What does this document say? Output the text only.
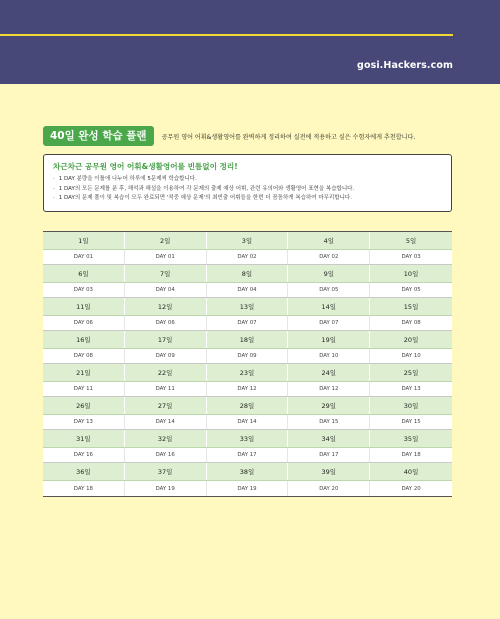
gosi.Hackers.com
40일 완성 학습 플랜	공무원 영어 어휘&생활영어를 완벽하게 정리하여 실전에 적용하고 싶은 수험자에게 추천합니다.
차근차근 공무원 영어 어휘&생활영어를 빈틈없이 정리!
· 1 DAY 분량을 이틀에 나누어 하루에 5문제씩 학습합니다.
· 1 DAY의 모든 문제를 푼 후, 해석과 해설을 이용하여 각 문제의 출제 예상 어휘, 관련 유의어와 생활영어 표현을 복습합니다.
· 1 DAY의 문제 풀이 및 복습이 모두 완료되면 '적중 예상 문제'의 최빈출 어휘들을 한번 더 꼼꼼하게 복습하여 마무리합니다.
1일	2일	3일	4일	5일
DAY 01	DAY 01	DAY 02	DAY 02	DAY 03
6일	7일	8일	9일	10일
DAY 03	DAY 04	DAY 04	DAY 05	DAY 05
11일	12일	13일	14일	15일
DAY 06	DAY 06	DAY 07	DAY 07	DAY 08
16일	17일	18일	19일	20일
DAY 08	DAY 09	DAY 09	DAY 10	DAY 10
21일	22일	23일	24일	25일
DAY 11	DAY 11	DAY 12	DAY 12	DAY 13
26일	27일	28일	29일	30일
DAY 13	DAY 14	DAY 14	DAY 15	DAY 15
31일	32일	33일	34일	35일
DAY 16	DAY 16	DAY 17	DAY 17	DAY 18
36일	37일	38일	39일	40일
DAY 18	DAY 19	DAY 19	DAY 20	DAY 20
